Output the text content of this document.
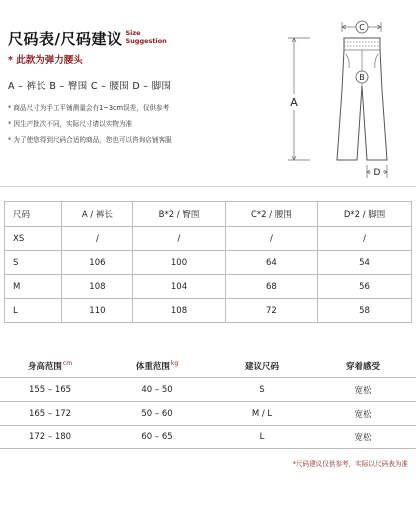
尺码表/尺码建议 Size
Suggestion
* 此款为弹力腰头
A – 裤长 B – 臀围 C – 腰围 D – 脚围
* 商品尺寸为手工平铺测量会有1~3cm误差，仅供参考
* 因生产批次不同，实际尺寸请以实物为准
* 为了使您得到尺码合适的商品，您也可以咨询店铺客服
C
B
A
D
尺码	A / 裤长	B*2 / 臀围	C*2 / 腰围	D*2 / 脚围
XS	/	/	/	/
S	106	100	64	54
M	108	104	68	56
L	110	108	72	58
身高范围$^{cm}$	体重范围$^{kg}$	建议尺码	穿着感受
155 – 165	40 – 50	S	宽松
165 – 172	50 – 60	M / L	宽松
172 – 180	60 – 65	L	宽松
*尺码建议仅供参考，实际以尺码表为准
